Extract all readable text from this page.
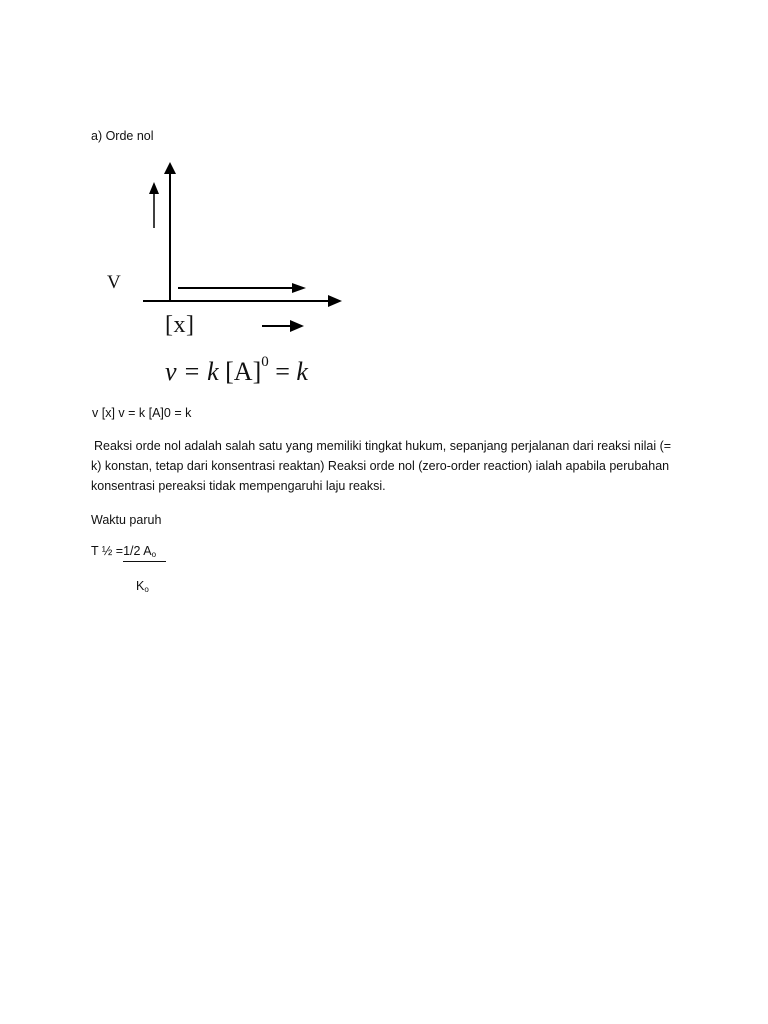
a) Orde nol
V
[x]
v = k $[A]^0 = k$
v [x] v = k [A]0 = k
Reaksi orde nol adalah salah satu yang memiliki tingkat hukum, sepanjang perjalanan dari reaksi nilai (=
k) konstan, tetap dari konsentrasi reaktan) Reaksi orde nol (zero-order reaction) ialah apabila perubahan
konsentrasi pereaksi tidak mempengaruhi laju reaksi.
Waktu paruh
T ½ =1/2 $A_o$
$K_o$
